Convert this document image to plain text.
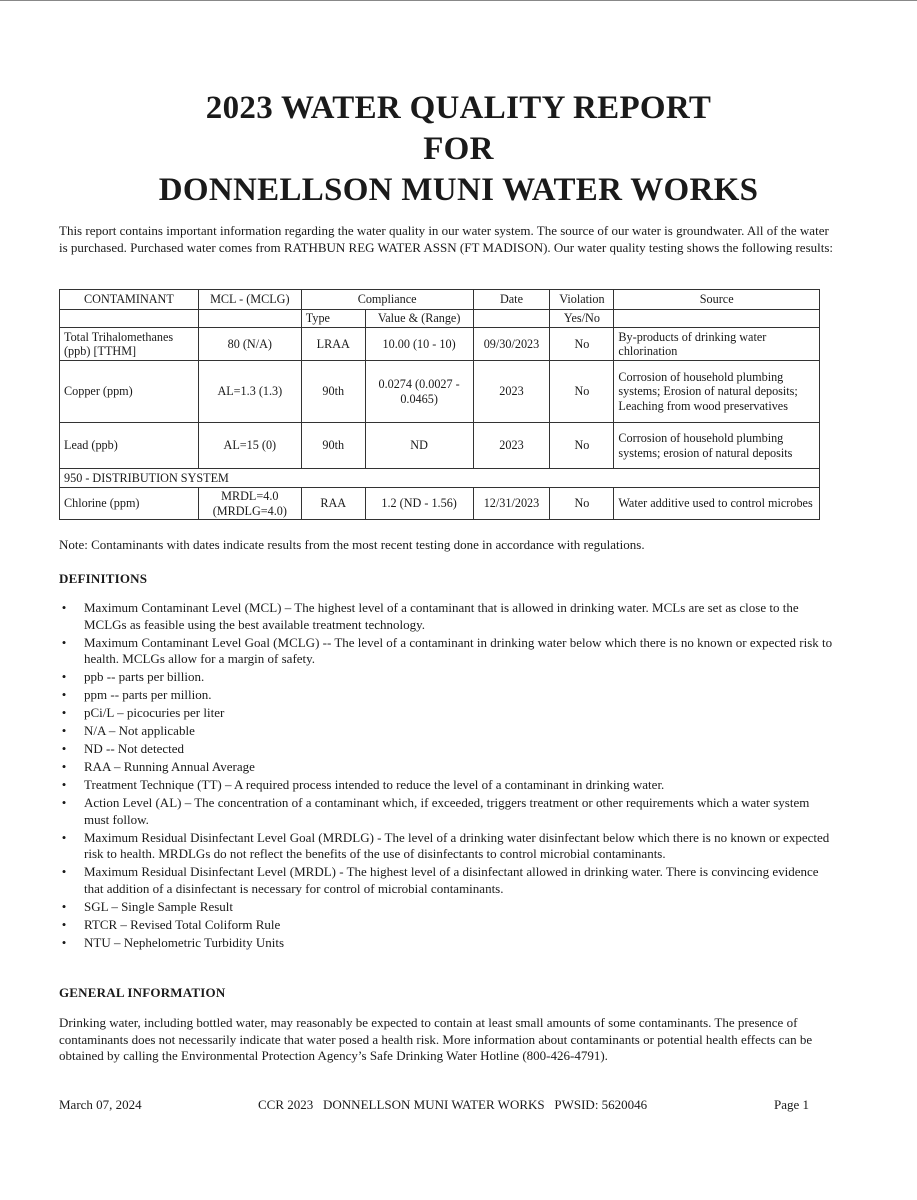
2023 WATER QUALITY REPORT
FOR
DONNELLSON MUNI WATER WORKS

This report contains important information regarding the water quality in our water system. The source of our water is groundwater. All of the water is purchased. Purchased water comes from RATHBUN REG WATER ASSN (FT MADISON). Our water quality testing shows the following results:

CONTAMINANT	MCL - (MCLG)	Compliance		Date	Violation	Source
		Type	Value & (Range)		Yes/No	
Total Trihalomethanes (ppb) [TTHM]	80 (N/A)	LRAA	10.00 (10 - 10)	09/30/2023	No	By-products of drinking water chlorination
Copper (ppm)	AL=1.3 (1.3)	90th	0.0274 (0.0027 - 0.0465)	2023	No	Corrosion of household plumbing systems; Erosion of natural deposits; Leaching from wood preservatives
Lead (ppb)	AL=15 (0)	90th	ND	2023	No	Corrosion of household plumbing systems; erosion of natural deposits
950 - DISTRIBUTION SYSTEM						
Chlorine (ppm)	MRDL=4.0 (MRDLG=4.0)	RAA	1.2 (ND - 1.56)	12/31/2023	No	Water additive used to control microbes
Note: Contaminants with dates indicate results from the most recent testing done in accordance with regulations.
DEFINITIONS
• Maximum Contaminant Level (MCL) – The highest level of a contaminant that is allowed in drinking water. MCLs are set as close to the MCLGs as feasible using the best available treatment technology.
• Maximum Contaminant Level Goal (MCLG) -- The level of a contaminant in drinking water below which there is no known or expected risk to health. MCLGs allow for a margin of safety.
• ppb -- parts per billion.
• ppm -- parts per million.
• pCi/L – picocuries per liter
• N/A – Not applicable
• ND -- Not detected
• RAA – Running Annual Average
• Treatment Technique (TT) – A required process intended to reduce the level of a contaminant in drinking water.
• Action Level (AL) – The concentration of a contaminant which, if exceeded, triggers treatment or other requirements which a water system must follow.
• Maximum Residual Disinfectant Level Goal (MRDLG) - The level of a drinking water disinfectant below which there is no known or expected risk to health. MRDLGs do not reflect the benefits of the use of disinfectants to control microbial contaminants.
• Maximum Residual Disinfectant Level (MRDL) - The highest level of a disinfectant allowed in drinking water. There is convincing evidence that addition of a disinfectant is necessary for control of microbial contaminants.
• SGL – Single Sample Result
• RTCR – Revised Total Coliform Rule
• NTU – Nephelometric Turbidity Units
GENERAL INFORMATION

Drinking water, including bottled water, may reasonably be expected to contain at least small amounts of some contaminants. The presence of contaminants does not necessarily indicate that water posed a health risk. More information about contaminants or potential health effects can be obtained by calling the Environmental Protection Agency’s Safe Drinking Water Hotline (800-426-4791).

March 07, 2024	CCR 2023   DONNELLSON MUNI WATER WORKS   PWSID: 5620046	Page 1
